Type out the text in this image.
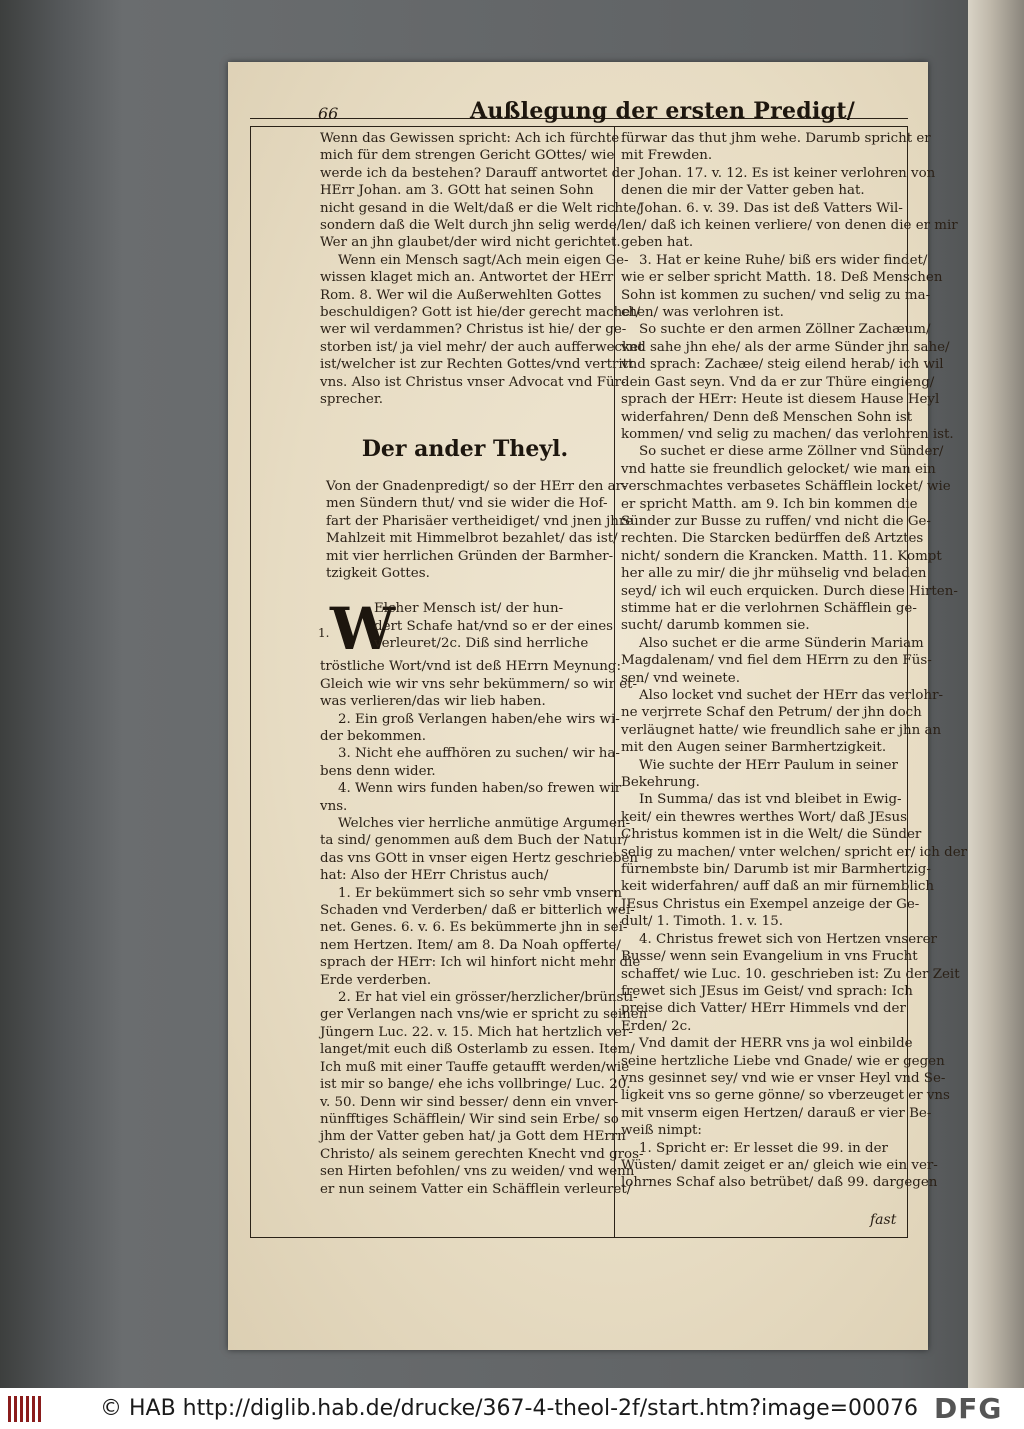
66	Außlegung der ersten Predigt/

Wenn das Gewissen spricht: Ach ich fürchte

mich für dem strengen Gericht GOttes/ wie

werde ich da bestehen? Darauff antwortet der

HErr Johan. am 3. GOtt hat seinen Sohn

nicht gesand in die Welt/daß er die Welt richte/

sondern daß die Welt durch jhn selig werde/

Wer an jhn glaubet/der wird nicht gerichtet.

Wenn ein Mensch sagt/Ach mein eigen Ge-

wissen klaget mich an. Antwortet der HErr

Rom. 8. Wer wil die Außerwehlten Gottes

beschuldigen? Gott ist hie/der gerecht machet/

wer wil verdammen? Christus ist hie/ der ge-

storben ist/ ja viel mehr/ der auch aufferwecket

ist/welcher ist zur Rechten Gottes/vnd vertritt

vns. Also ist Christus vnser Advocat vnd Für-

sprecher.

Der ander Theyl.

Von der Gnadenpredigt/ so der HErr den ar-

men Sündern thut/ vnd sie wider die Hof-

fart der Pharisäer vertheidiget/ vnd jnen jhre

Mahlzeit mit Himmelbrot bezahlet/ das ist/

mit vier herrlichen Gründen der Barmher-

tzigkeit Gottes.

W

Elcher Mensch ist/ der hun-

dert Schafe hat/vnd so er der eines

verleuret/2c. Diß sind herrliche

tröstliche Wort/vnd ist deß HErrn Meynung:

Gleich wie wir vns sehr bekümmern/ so wir et-

was verlieren/das wir lieb haben.

2. Ein groß Verlangen haben/ehe wirs wi-

der bekommen.

3. Nicht ehe auffhören zu suchen/ wir ha-

bens denn wider.

4. Wenn wirs funden haben/so frewen wir

vns.

Welches vier herrliche anmütige Argumen-

ta sind/ genommen auß dem Buch der Natur/

das vns GOtt in vnser eigen Hertz geschrieben

hat: Also der HErr Christus auch/

1. Er bekümmert sich so sehr vmb vnsern

Schaden vnd Verderben/ daß er bitterlich wei-

net. Genes. 6. v. 6. Es bekümmerte jhn in sei-

nem Hertzen. Item/ am 8. Da Noah opfferte/

sprach der HErr: Ich wil hinfort nicht mehr die

Erde verderben.

2. Er hat viel ein grösser/herzlicher/brünsti-

ger Verlangen nach vns/wie er spricht zu seinen

Jüngern Luc. 22. v. 15. Mich hat hertzlich ver-

langet/mit euch diß Osterlamb zu essen. Item/

Ich muß mit einer Tauffe getaufft werden/wie

ist mir so bange/ ehe ichs vollbringe/ Luc. 20.

v. 50. Denn wir sind besser/ denn ein vnver-

nünfftiges Schäfflein/ Wir sind sein Erbe/ so

jhm der Vatter geben hat/ ja Gott dem HErrn

Christo/ als seinem gerechten Knecht vnd gros-

sen Hirten befohlen/ vns zu weiden/ vnd wenn

er nun seinem Vatter ein Schäfflein verleuret/

1.

fürwar das thut jhm wehe. Darumb spricht er

mit Frewden.

Johan. 17. v. 12. Es ist keiner verlohren von

denen die mir der Vatter geben hat.

Johan. 6. v. 39. Das ist deß Vatters Wil-

len/ daß ich keinen verliere/ von denen die er mir

geben hat.

3. Hat er keine Ruhe/ biß ers wider findet/

wie er selber spricht Matth. 18. Deß Menschen

Sohn ist kommen zu suchen/ vnd selig zu ma-

chen/ was verlohren ist.

So suchte er den armen Zöllner Zachæum/

vnd sahe jhn ehe/ als der arme Sünder jhn sahe/

vnd sprach: Zachæe/ steig eilend herab/ ich wil

dein Gast seyn. Vnd da er zur Thüre eingieng/

sprach der HErr: Heute ist diesem Hause Heyl

widerfahren/ Denn deß Menschen Sohn ist

kommen/ vnd selig zu machen/ das verlohren ist.

So suchet er diese arme Zöllner vnd Sünder/

vnd hatte sie freundlich gelocket/ wie man ein

verschmachtes verbasetes Schäfflein locket/ wie

er spricht Matth. am 9. Ich bin kommen die

Sünder zur Busse zu ruffen/ vnd nicht die Ge-

rechten. Die Starcken bedürffen deß Artztes

nicht/ sondern die Krancken. Matth. 11. Kompt

her alle zu mir/ die jhr mühselig vnd beladen

seyd/ ich wil euch erquicken. Durch diese Hirten-

stimme hat er die verlohrnen Schäfflein ge-

sucht/ darumb kommen sie.

Also suchet er die arme Sünderin Mariam

Magdalenam/ vnd fiel dem HErrn zu den Füs-

sen/ vnd weinete.

Also locket vnd suchet der HErr das verlohr-

ne verjrrete Schaf den Petrum/ der jhn doch

verläugnet hatte/ wie freundlich sahe er jhn an

mit den Augen seiner Barmhertzigkeit.

Wie suchte der HErr Paulum in seiner

Bekehrung.

In Summa/ das ist vnd bleibet in Ewig-

keit/ ein thewres werthes Wort/ daß JEsus

Christus kommen ist in die Welt/ die Sünder

selig zu machen/ vnter welchen/ spricht er/ ich der

fürnembste bin/ Darumb ist mir Barmhertzig-

keit widerfahren/ auff daß an mir fürnemblich

JEsus Christus ein Exempel anzeige der Ge-

dult/ 1. Timoth. 1. v. 15.

4. Christus frewet sich von Hertzen vnserer

Busse/ wenn sein Evangelium in vns Frucht

schaffet/ wie Luc. 10. geschrieben ist: Zu der Zeit

frewet sich JEsus im Geist/ vnd sprach: Ich

preise dich Vatter/ HErr Himmels vnd der

Erden/ 2c.

Vnd damit der HERR vns ja wol einbilde

seine hertzliche Liebe vnd Gnade/ wie er gegen

vns gesinnet sey/ vnd wie er vnser Heyl vnd Se-

ligkeit vns so gerne gönne/ so vberzeuget er vns

mit vnserm eigen Hertzen/ darauß er vier Be-

weiß nimpt:

1. Spricht er: Er lesset die 99. in der

Wüsten/ damit zeiget er an/ gleich wie ein ver-

lohrnes Schaf also betrübet/ daß 99. dargegen

fast
© HAB http://diglib.hab.de/drucke/367-4-theol-2f/start.htm?image=00076 DFG
